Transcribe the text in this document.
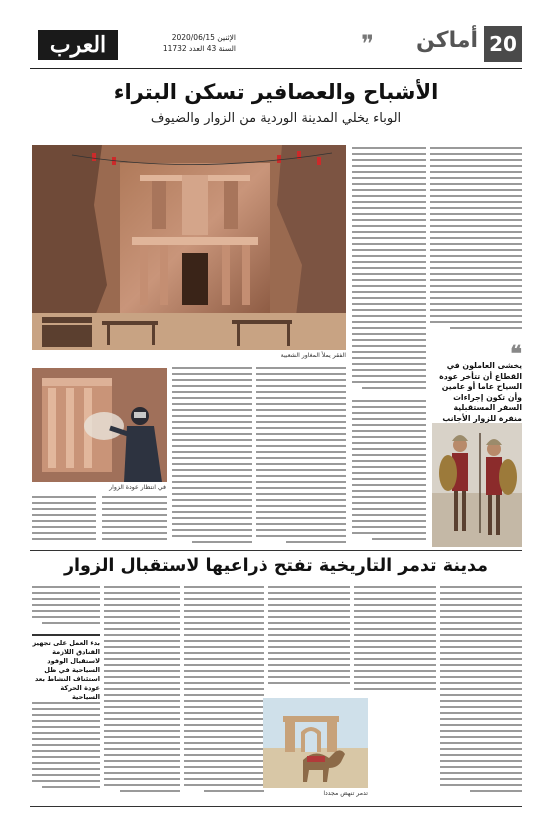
العرب	الإثنين 2020/06/15
السنة 43 العدد 11732	❞ أماكن 20
الأشباح والعصافير تسكن البتراء
الوباء يخلي المدينة الوردية من الزوار والضيوف
الفقر يملأ المغاور الشعبية
في انتظار عودة الزوار
❝
يخشى العاملون في القطاع أن تتأخر عودة السياح عاما أو عامين وأن تكون إجراءات السفر المستقبلية منفرة للزوار الأجانب
مدينة تدمر التاريخية تفتح ذراعيها لاستقبال الزوار
بدء العمل على تجهيز الفنادق اللازمة لاستقبال الوفود السياحية في ظل استئناف النشاط بعد عودة الحركة السياحية
تدمر تنهض مجددا
